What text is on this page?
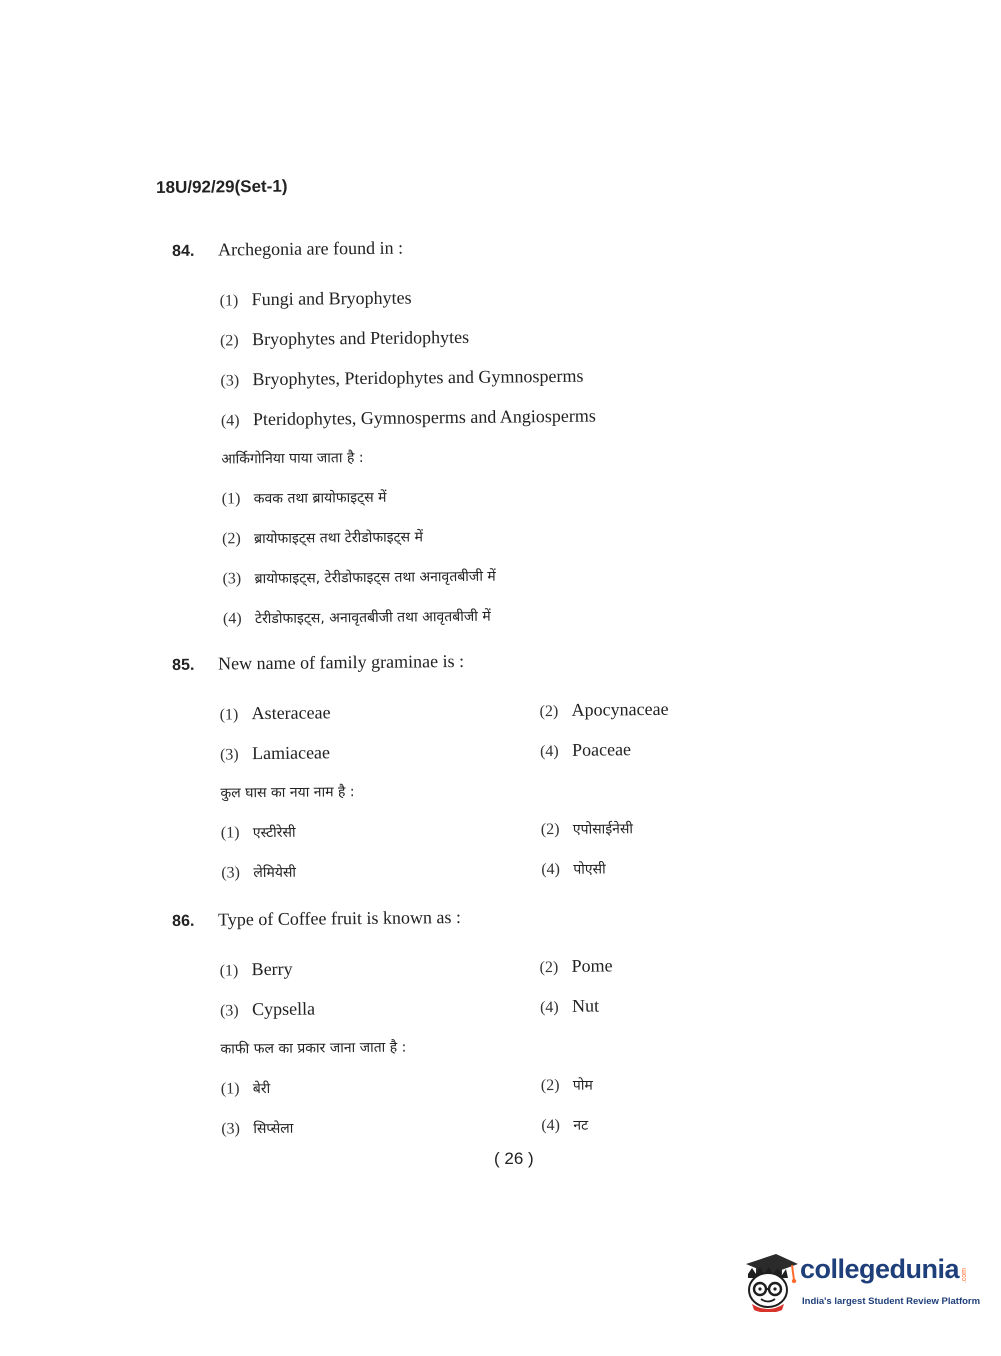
18U/92/29(Set-1)
84.	Archegonia are found in :
(1) Fungi and Bryophytes
(2) Bryophytes and Pteridophytes
(3) Bryophytes, Pteridophytes and Gymnosperms
(4) Pteridophytes, Gymnosperms and Angiosperms
आर्किगोनिया पाया जाता है :
(1) कवक तथा ब्रायोफाइट्स में
(2) ब्रायोफाइट्स तथा टेरीडोफाइट्स में
(3) ब्रायोफाइट्स, टेरीडोफाइट्स तथा अनावृतबीजी में
(4) टेरीडोफाइट्स, अनावृतबीजी तथा आवृतबीजी में
85.	New name of family graminae is :
(1) Asteraceae	(2) Apocynaceae
(3) Lamiaceae	(4) Poaceae
कुल घास का नया नाम है :
(1) एस्टीरेसी	(2) एपोसाईनेसी
(3) लेमियेसी	(4) पोएसी
86.	Type of Coffee fruit is known as :
(1) Berry	(2) Pome
(3) Cypsella	(4) Nut
काफी फल का प्रकार जाना जाता है :
(1) बेरी	(2) पोम
(3) सिप्सेला	(4) नट
( 26 )
collegedunia .com
India's largest Student Review Platform
